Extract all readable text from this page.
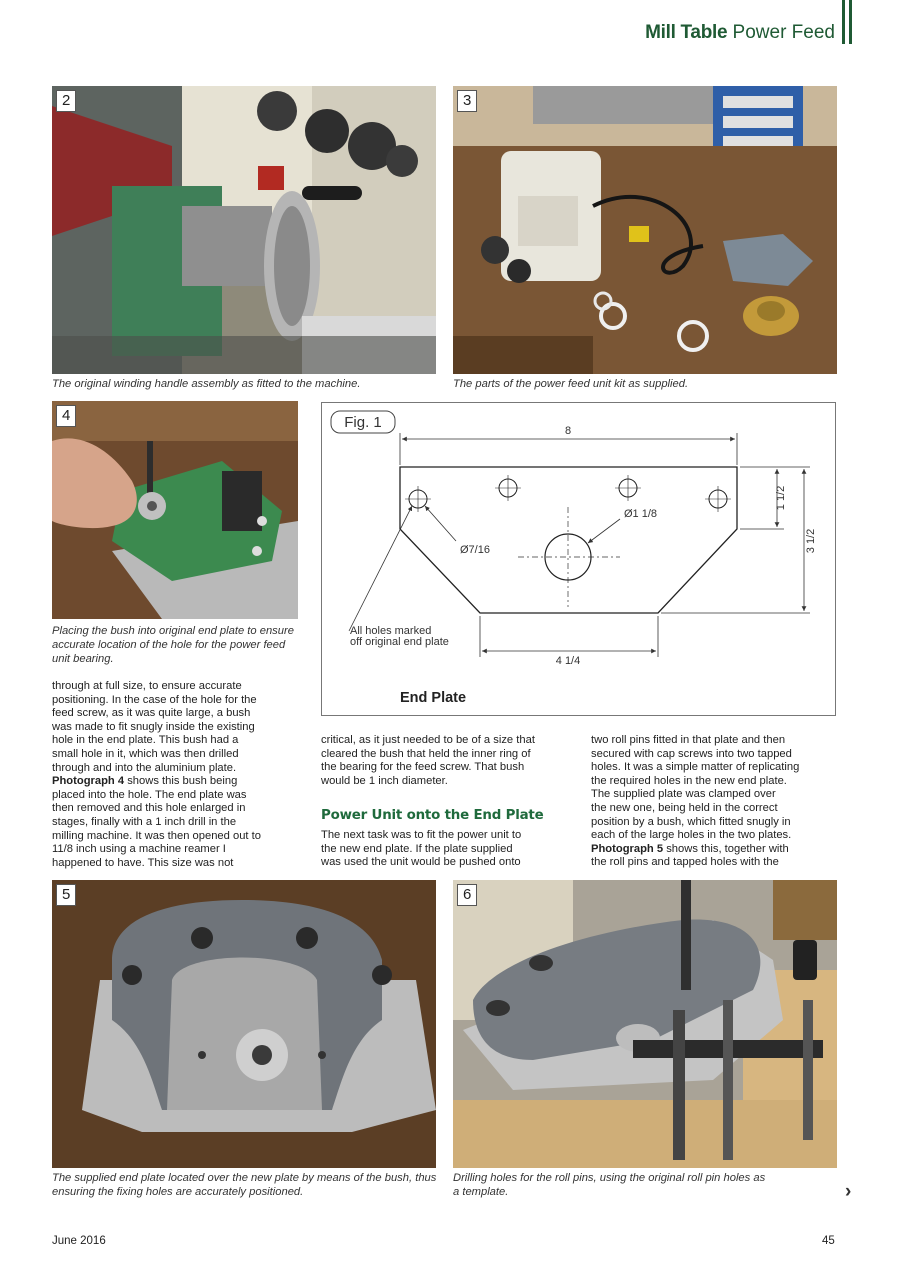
Mill Table Power Feed
2
The original winding handle assembly as fitted to the machine.
3
The parts of the power feed unit kit as supplied.
4
Placing the bush into original end plate to ensure accurate location of the hole for the power feed unit bearing.
Fig. 1	8
1 1/2
3 1/2
4 1/4
Ø1 1/8
Ø7/16
All holes marked
off original end plate
End Plate
through at full size, to ensure accurate
positioning. In the case of the hole for the
feed screw, as it was quite large, a bush
was made to fit snugly inside the existing
hole in the end plate. This bush had a
small hole in it, which was then drilled
through and into the aluminium plate.
Photograph 4 shows this bush being
placed into the hole. The end plate was
then removed and this hole enlarged in
stages, finally with a 1 inch drill in the
milling machine. It was then opened out to
11/8 inch using a machine reamer I
happened to have. This size was not
critical, as it just needed to be of a size that
cleared the bush that held the inner ring of
the bearing for the feed screw. That bush
would be 1 inch diameter.
Power Unit onto the End Plate
The next task was to fit the power unit to
the new end plate. If the plate supplied
was used the unit would be pushed onto
two roll pins fitted in that plate and then
secured with cap screws into two tapped
holes. It was a simple matter of replicating
the required holes in the new end plate.
The supplied plate was clamped over
the new one, being held in the correct
position by a bush, which fitted snugly in
each of the large holes in the two plates.
Photograph 5 shows this, together with
the roll pins and tapped holes with the
5
The supplied end plate located over the new plate by means of the bush, thus ensuring the fixing holes are accurately positioned.
6
Drilling holes for the roll pins, using the original roll pin holes as a template.	›
June 2016	45
